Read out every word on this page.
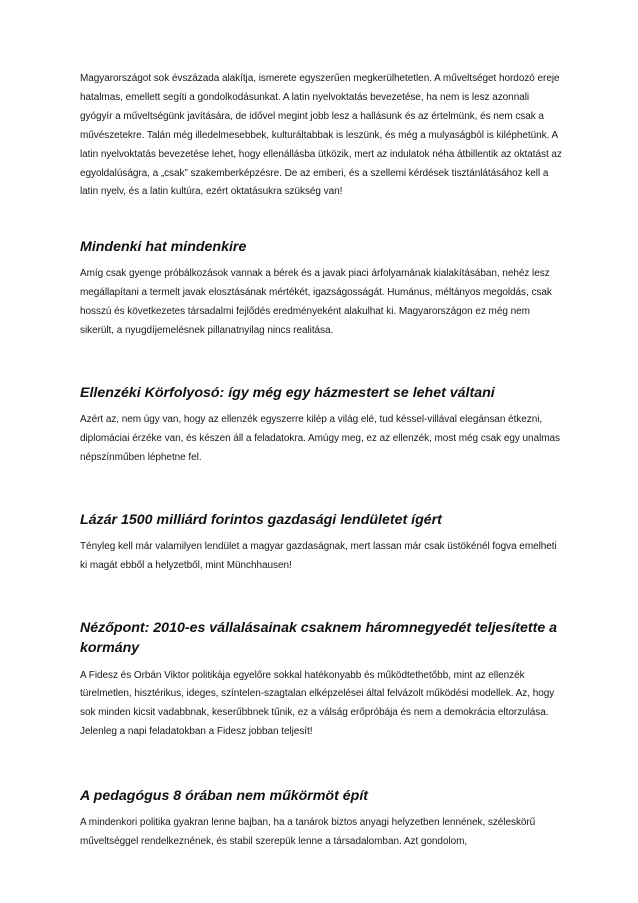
Magyarországot sok évszázada alakítja, ismerete egyszerűen megkerülhetetlen. A műveltséget hordozó ereje hatalmas, emellett segíti a gondolkodásunkat. A latin nyelvoktatás bevezetése, ha nem is lesz azonnali gyógyír a műveltségünk javítására, de idővel megint jobb lesz a hallásunk és az értelmünk, és nem csak a művészetekre. Talán még illedelmesebbek, kulturáltabbak is leszünk, és még a mulyaságból is kiléphetünk. A latin nyelvoktatás bevezetése lehet, hogy ellenállásba ütközik, mert az indulatok néha átbillentik az oktatást az egyoldalúságra, a „csak” szakemberképzésre. De az emberi, és a szellemi kérdések tisztánlátásához kell a latin nyelv, és a latin kultúra, ezért oktatásukra szükség van!

Mindenki hat mindenkire

Amíg csak gyenge próbálkozások vannak a bérek és a javak piaci árfolyamának kialakításában, nehéz lesz megállapítani a termelt javak elosztásának mértékét, igazságosságát. Humánus, méltányos megoldás, csak hosszú és következetes társadalmi fejlődés eredményeként alakulhat ki. Magyarországon ez még nem sikerült, a nyugdíjemelésnek pillanatnyilag nincs realitása.

Ellenzéki Körfolyosó: így még egy házmestert se lehet váltani

Azért az, nem úgy van, hogy az ellenzék egyszerre kilép a világ elé, tud késsel-villával elegánsan étkezni, diplomáciai érzéke van, és készen áll a feladatokra. Amúgy meg, ez az ellenzék, most még csak egy unalmas népszínműben léphetne fel.

Lázár 1500 milliárd forintos gazdasági lendületet ígért

Tényleg kell már valamilyen lendület a magyar gazdaságnak, mert lassan már csak üstökénél fogva emelheti ki magát ebből a helyzetből, mint Münchhausen!

Nézőpont: 2010-es vállalásainak csaknem háromnegyedét teljesítette a kormány

A Fidesz és Orbán Viktor politikája egyelőre sokkal hatékonyabb és működtethetőbb, mint az ellenzék türelmetlen, hisztérikus, ideges, színtelen-szagtalan elképzelései által felvázolt működési modellek. Az, hogy sok minden kicsit vadabbnak, keserűbbnek tűnik, ez a válság erőpróbája és nem a demokrácia eltorzulása. Jelenleg a napi feladatokban a Fidesz jobban teljesít!

A pedagógus 8 órában nem műkörmöt épít

A mindenkori politika gyakran lenne bajban, ha a tanárok biztos anyagi helyzetben lennének, széleskörű műveltséggel rendelkeznének, és stabil szerepük lenne a társadalomban. Azt gondolom,
